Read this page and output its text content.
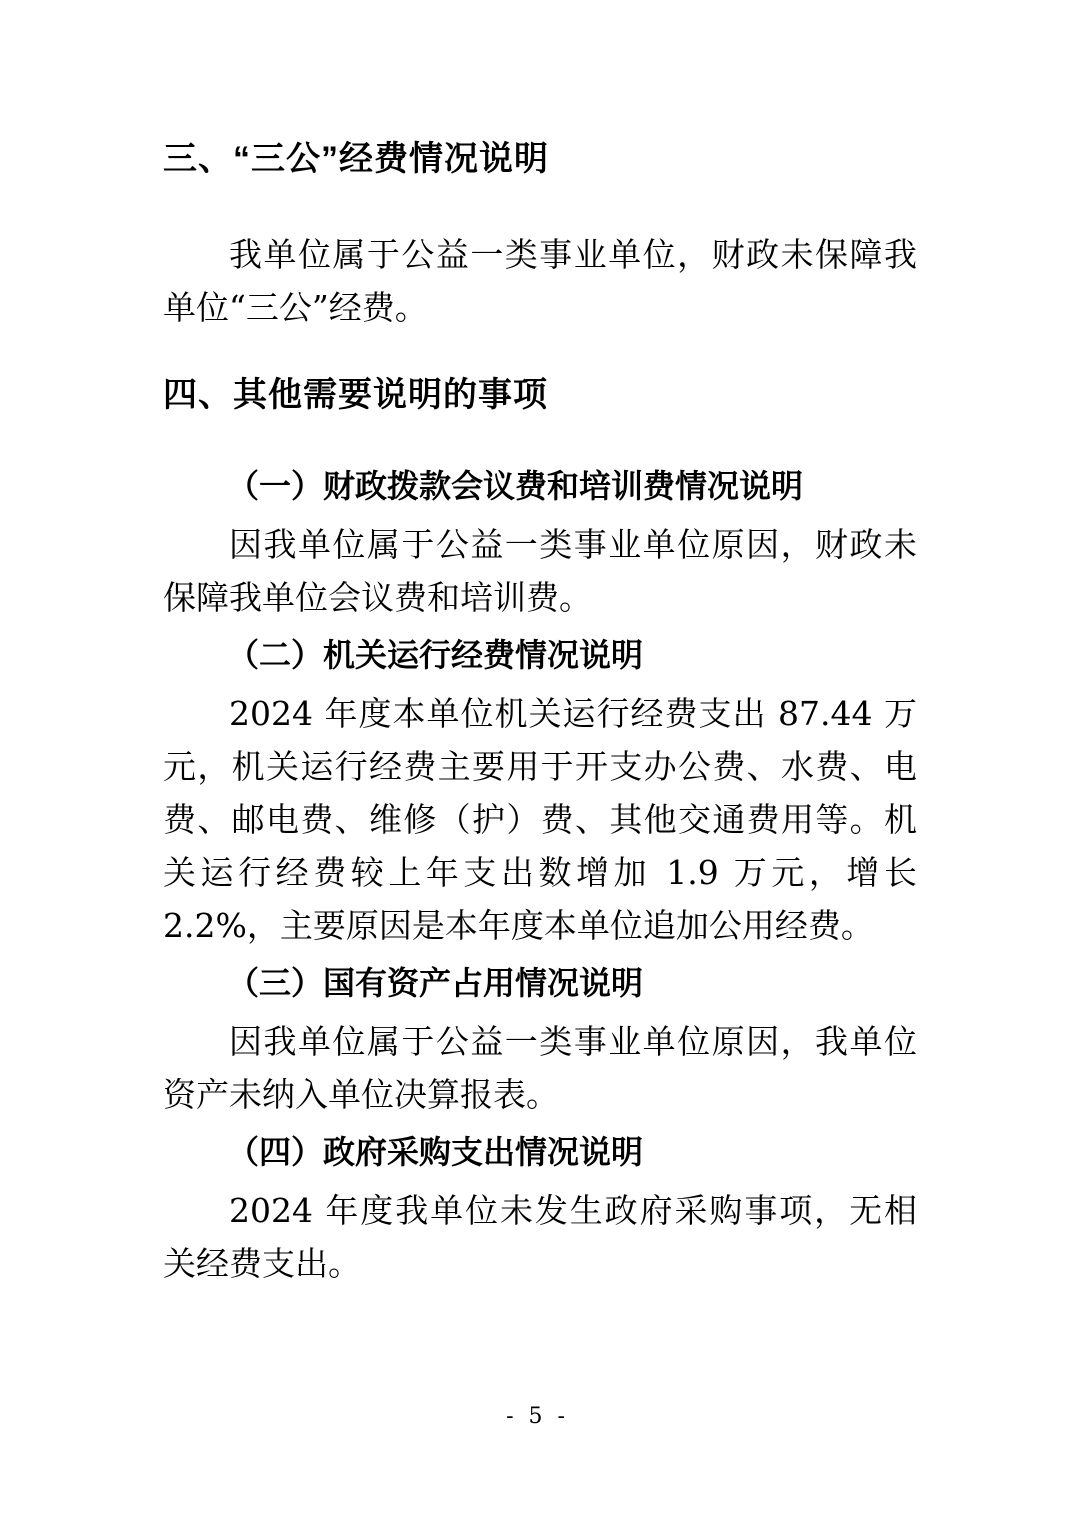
三、“三公”经费情况说明

我单位属于公益一类事业单位，财政未保障我单位“三公”经费。

四、其他需要说明的事项
（一）财政拨款会议费和培训费情况说明

因我单位属于公益一类事业单位原因，财政未保障我单位会议费和培训费。

（二）机关运行经费情况说明

2024 年度本单位机关运行经费支出 87.44 万元，机关运行经费主要用于开支办公费、水费、电费、邮电费、维修（护）费、其他交通费用等。机关运行经费较上年支出数增加 1.9 万元，增长 2.2%，主要原因是本年度本单位追加公用经费。

（三）国有资产占用情况说明

因我单位属于公益一类事业单位原因，我单位资产未纳入单位决算报表。

（四）政府采购支出情况说明

2024 年度我单位未发生政府采购事项，无相关经费支出。

- 5 -
